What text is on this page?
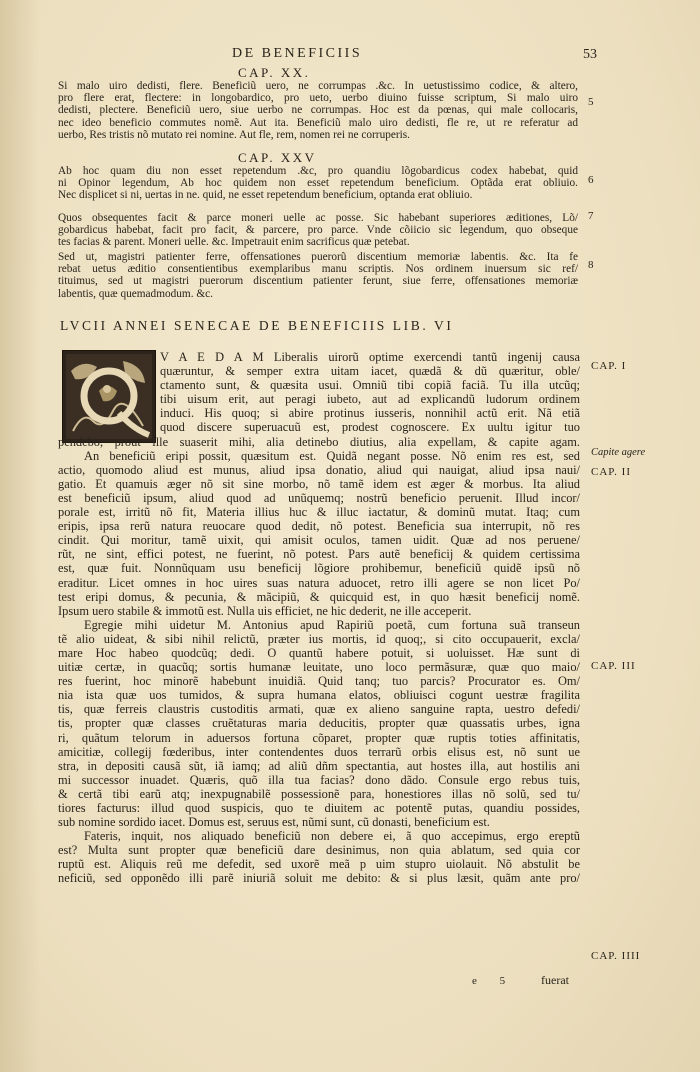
DE BENEFICIIS	53
CAP. XX.
Si malo uiro dedisti, flere. Beneficiũ uero, ne corrumpas .&c. In uetustissimo codice, & altero,
pro flere erat, flectere: in longobardico, pro ueto, uerbo diuino fuisse scriptum, Si malo uiro
dedisti, plectere. Beneficiũ uero, siue uerbo ne corrumpas. Hoc est da pœnas, qui male collocaris,
nec ideo beneficio commutes nomẽ. Aut ita. Beneficiũ malo uiro dedisti, fle re, ut re referatur ad
uerbo, Res tristis nõ mutato rei nomine. Aut fle, rem, nomen rei ne corruperis.
5
CAP. XXV
Ab hoc quam diu non esset repetendum .&c, pro quandiu lõgobardicus codex habebat, quid
ni Opinor legendum, Ab hoc quidem non esset repetendum beneficium. Optãda erat obliuio.
Nec displicet si ni, uertas in ne. quid, ne esset repetendum beneficium, optanda erat obliuio.
6
Quos obsequentes facit & parce moneri uelle ac posse. Sic habebant superiores æditiones, Lõ/
gobardicus habebat, facit pro facit, & parcere, pro parce. Vnde cõiicio sic legendum, quo obseque
tes facias & parent. Moneri uelle. &c. Impetrauit enim sacrificus quæ petebat.
7
Sed ut, magistri patienter ferre, offensationes puerorũ discentium memoriæ labentis. &c. Ita fe
rebat uetus æditio consentientibus exemplaribus manu scriptis. Nos ordinem inuersum sic ref/
tituimus, sed ut magistri puerorum discentium patienter ferunt, siue ferre, offensationes memoriæ
labentis, quæ quemadmodum. &c.
8
LVCII ANNEI SENECAE DE BENEFICIIS LIB. VI
V A E D A M Liberalis uirorũ optime exercendi tantũ ingenij causa
quæruntur, & semper extra uitam iacet, quædã & dũ quæritur, oble/
ctamento sunt, & quæsita usui. Omniũ tibi copiã faciã. Tu illa utcũq;
tibi uisum erit, aut peragi iubeto, aut ad explicandũ ludorum ordinem
induci. His quoq; si abire protinus iusseris, nonnihil actũ erit. Nã etiã
quod discere superuacuũ est, prodest cognoscere. Ex uultu igitur tuo
pendebo, prout ille suaserit mihi, alia detinebo diutius, alia expellam, & capite agam.
An beneficiũ eripi possit, quæsitum est. Quidã negant posse. Nõ enim res est, sed
actio, quomodo aliud est munus, aliud ipsa donatio, aliud qui nauigat, aliud ipsa naui/
gatio. Et quamuis æger nõ sit sine morbo, nõ tamẽ idem est æger & morbus. Ita aliud
est beneficiũ ipsum, aliud quod ad unũquemq; nostrũ beneficio peruenit. Illud incor/
porale est, irritũ nõ fit, Materia illius huc & illuc iactatur, & dominũ mutat. Itaq; cum
eripis, ipsa rerũ natura reuocare quod dedit, nõ potest. Beneficia sua interrupit, nõ res
cindit. Qui moritur, tamẽ uixit, qui amisit oculos, tamen uidit. Quæ ad nos peruene/
rũt, ne sint, effici potest, ne fuerint, nõ potest. Pars autẽ beneficij & quidem certissima
est, quæ fuit. Nonnũquam usu beneficij lõgiore prohibemur, beneficiũ quidẽ ipsũ nõ
eraditur. Licet omnes in hoc uires suas natura aduocet, retro illi agere se non licet Po/
test eripi domus, & pecunia, & mãcipiũ, & quicquid est, in quo hæsit beneficij nomẽ.
Ipsum uero stabile & immotũ est. Nulla uis efficiet, ne hic dederit, ne ille acceperit.
Egregie mihi uidetur M. Antonius apud Rapiriũ poetã, cum fortuna suã transeun
tẽ alio uideat, & sibi nihil relictũ, præter ius mortis, id quoq;, si cito occupauerit, excla/
mare Hoc habeo quodcũq; dedi. O quantũ habere potuit, si uoluisset. Hæ sunt di
uitiæ certæ, in quacũq; sortis humanæ leuitate, uno loco permãsuræ, quæ quo maio/
res fuerint, hoc minorẽ habebunt inuidiã. Quid tanq; tuo parcis? Procurator es. Om/
nia ista quæ uos tumidos, & supra humana elatos, obliuisci cogunt uestræ fragilita
tis, quæ ferreis claustris custoditis armati, quæ ex alieno sanguine rapta, uestro defedi/
tis, propter quæ classes cruẽtaturas maria deducitis, propter quæ quassatis urbes, igna
ri, quãtum telorum in aduersos fortuna cõparet, propter quæ ruptis toties affinitatis,
amicitiæ, collegij fœderibus, inter contendentes duos terrarũ orbis elisus est, nõ sunt ue
stra, in depositi causã sũt, iã iamq; ad aliũ dñm spectantia, aut hostes illa, aut hostilis ani
mi successor inuadet. Quæris, quõ illa tua facias? dono dãdo. Consule ergo rebus tuis,
& certã tibi earũ atq; inexpugnabilẽ possessionẽ para, honestiores illas nõ solũ, sed tu/
tiores facturus: illud quod suspicis, quo te diuitem ac potentẽ putas, quandiu possides,
sub nomine sordido iacet. Domus est, seruus est, nũmi sunt, cũ donasti, beneficium est.
Fateris, inquit, nos aliquado beneficiũ non debere ei, ã quo accepimus, ergo ereptũ
est? Multa sunt propter quæ beneficiũ dare desinimus, non quia ablatum, sed quia cor
ruptũ est. Aliquis reũ me defedit, sed uxorẽ meã p uim stupro uiolauit. Nõ abstulit be
neficiũ, sed opponẽdo illi parẽ iniuriã soluit me debito: & si plus læsit, quãm ante pro/
CAP. I
Capite agere
CAP. II
CAP. III
CAP. IIII
e 5 fuerat
